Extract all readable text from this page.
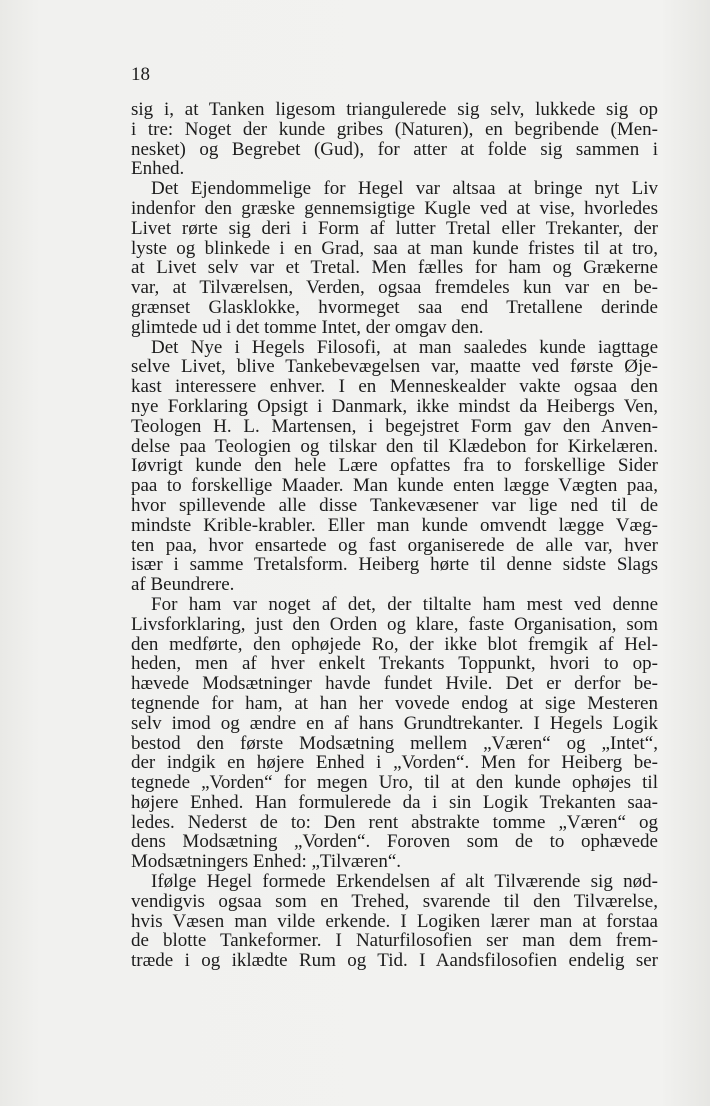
18
sig i, at Tanken ligesom triangulerede sig selv, lukkede sig op
i tre: Noget der kunde gribes (Naturen), en begribende (Men-
nesket) og Begrebet (Gud), for atter at folde sig sammen i
Enhed.
Det Ejendommelige for Hegel var altsaa at bringe nyt Liv
indenfor den græske gennemsigtige Kugle ved at vise, hvorledes
Livet rørte sig deri i Form af lutter Tretal eller Trekanter, der
lyste og blinkede i en Grad, saa at man kunde fristes til at tro,
at Livet selv var et Tretal. Men fælles for ham og Grækerne
var, at Tilværelsen, Verden, ogsaa fremdeles kun var en be-
grænset Glasklokke, hvormeget saa end Tretallene derinde
glimtede ud i det tomme Intet, der omgav den.
Det Nye i Hegels Filosofi, at man saaledes kunde iagttage
selve Livet, blive Tankebevægelsen var, maatte ved første Øje-
kast interessere enhver. I en Menneskealder vakte ogsaa den
nye Forklaring Opsigt i Danmark, ikke mindst da Heibergs Ven,
Teologen H. L. Martensen, i begejstret Form gav den Anven-
delse paa Teologien og tilskar den til Klædebon for Kirkelæren.
Iøvrigt kunde den hele Lære opfattes fra to forskellige Sider
paa to forskellige Maader. Man kunde enten lægge Vægten paa,
hvor spillevende alle disse Tankevæsener var lige ned til de
mindste Krible-krabler. Eller man kunde omvendt lægge Væg-
ten paa, hvor ensartede og fast organiserede de alle var, hver
især i samme Tretalsform. Heiberg hørte til denne sidste Slags
af Beundrere.
For ham var noget af det, der tiltalte ham mest ved denne
Livsforklaring, just den Orden og klare, faste Organisation, som
den medførte, den ophøjede Ro, der ikke blot fremgik af Hel-
heden, men af hver enkelt Trekants Toppunkt, hvori to op-
hævede Modsætninger havde fundet Hvile. Det er derfor be-
tegnende for ham, at han her vovede endog at sige Mesteren
selv imod og ændre en af hans Grundtrekanter. I Hegels Logik
bestod den første Modsætning mellem „Væren“ og „Intet“,
der indgik en højere Enhed i „Vorden“. Men for Heiberg be-
tegnede „Vorden“ for megen Uro, til at den kunde ophøjes til
højere Enhed. Han formulerede da i sin Logik Trekanten saa-
ledes. Nederst de to: Den rent abstrakte tomme „Væren“ og
dens Modsætning „Vorden“. Foroven som de to ophævede
Modsætningers Enhed: „Tilværen“.
Ifølge Hegel formede Erkendelsen af alt Tilværende sig nød-
vendigvis ogsaa som en Trehed, svarende til den Tilværelse,
hvis Væsen man vilde erkende. I Logiken lærer man at forstaa
de blotte Tankeformer. I Naturfilosofien ser man dem frem-
træde i og iklædte Rum og Tid. I Aandsfilosofien endelig ser
